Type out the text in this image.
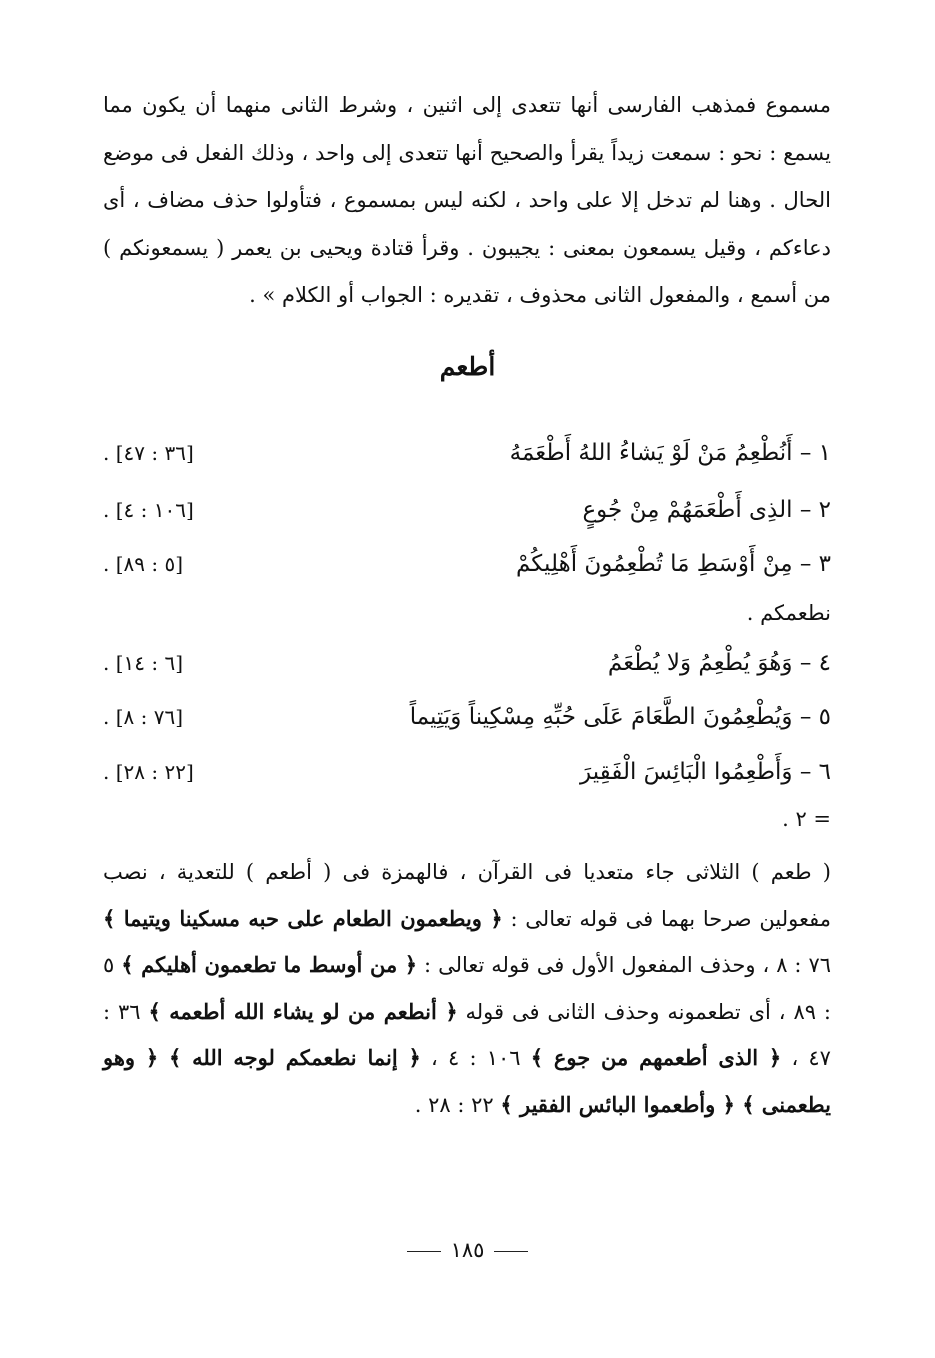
مسموع فمذهب الفارسى أنها تتعدى إلى اثنين ، وشرط الثانى منهما أن يكون مما يسمع : نحو : سمعت زيداً يقرأ والصحيح أنها تتعدى إلى واحد ، وذلك الفعل فى موضع الحال . وهنا لم تدخل إلا على واحد ، لكنه ليس بمسموع ، فتأولوا حذف مضاف ، أى دعاءكم ، وقيل يسمعون بمعنى : يجيبون . وقرأ قتادة ويحيى بن يعمر ( يسمعونكم ) من أسمع ، والمفعول الثانى محذوف ، تقديره : الجواب أو الكلام » .

أطعم
١ – أَنُطْعِمُ مَنْ لَوْ يَشاءُ اللهُ أَطْعَمَهُ
[٣٦ : ٤٧] .
٢ – الذِى أَطْعَمَهُمْ مِنْ جُوعٍ
[١٠٦ : ٤] .
٣ – مِنْ أَوْسَطِ مَا تُطْعِمُونَ أَهْلِيكُمْ
[٥ : ٨٩] .
نطعمكم .
٤ – وَهُوَ يُطْعِمُ وَلا يُطْعَمُ
[٦ : ١٤] .
٥ – وَيُطْعِمُونَ الطَّعَامَ عَلَى حُبِّهِ مِسْكِيناً وَيَتِيماً
[٧٦ : ٨] .
٦ – وَأَطْعِمُوا الْبَائِسَ الْفَقِيرَ
[٢٢ : ٢٨] .
= ٢ .

( طعم ) الثلاثى جاء متعديا فى القرآن ، فالهمزة فى ( أطعم ) للتعدية ، نصب مفعولين صرحا بهما فى قوله تعالى : ﴿ ويطعمون الطعام على حبه مسكينا ويتيما ﴾ ٧٦ : ٨ ، وحذف المفعول الأول فى قوله تعالى : ﴿ من أوسط ما تطعمون أهليكم ﴾ ٥ : ٨٩ ، أى تطعمونه وحذف الثانى فى قوله ﴿ أنطعم من لو يشاء الله أطعمه ﴾ ٣٦ : ٤٧ ، ﴿ الذى أطعمهم من جوع ﴾ ١٠٦ : ٤ ، ﴿ إنما نطعمكم لوجه الله ﴾ ﴿ وهو يطعمنى ﴾ ﴿ وأطعموا البائس الفقير ﴾ ٢٢ : ٢٨ .

١٨٥
